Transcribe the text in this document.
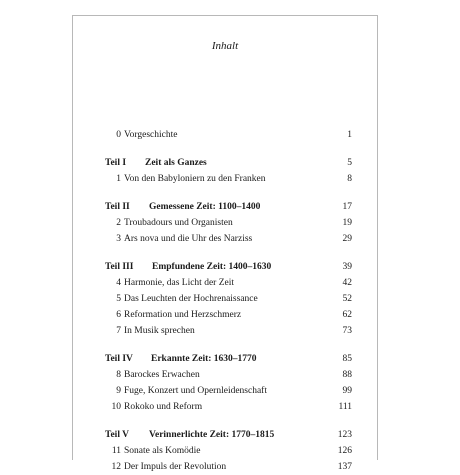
Inhalt
0 Vorgeschichte	1
Teil I Zeit als Ganzes	5
1 Von den Babyloniern zu den Franken	8
Teil II Gemessene Zeit: 1100–1400	17
2 Troubadours und Organisten	19
3 Ars nova und die Uhr des Narziss	29
Teil III Empfundene Zeit: 1400–1630	39
4 Harmonie, das Licht der Zeit	42
5 Das Leuchten der Hochrenaissance	52
6 Reformation und Herzschmerz	62
7 In Musik sprechen	73
Teil IV Erkannte Zeit: 1630–1770	85
8 Barockes Erwachen	88
9 Fuge, Konzert und Opernleidenschaft	99
10 Rokoko und Reform	111
Teil V Verinnerlichte Zeit: 1770–1815	123
11 Sonate als Komödie	126
12 Der Impuls der Revolution	137
